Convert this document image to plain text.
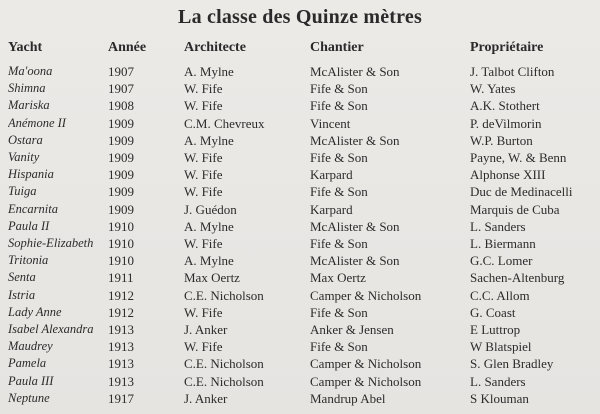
La classe des Quinze mètres
Yacht	Année	Architecte	Chantier	Propriétaire
Ma'oona	1907	A. Mylne	McAlister & Son	J. Talbot Clifton
Shimna	1907	W. Fife	Fife & Son	W. Yates
Mariska	1908	W. Fife	Fife & Son	A.K. Stothert
Anémone II	1909	C.M. Chevreux	Vincent	P. deVilmorin
Ostara	1909	A. Mylne	McAlister & Son	W.P. Burton
Vanity	1909	W. Fife	Fife & Son	Payne, W. & Benn
Hispania	1909	W. Fife	Karpard	Alphonse XIII
Tuiga	1909	W. Fife	Fife & Son	Duc de Medinacelli
Encarnita	1909	J. Guédon	Karpard	Marquis de Cuba
Paula II	1910	A. Mylne	McAlister & Son	L. Sanders
Sophie-Elizabeth	1910	W. Fife	Fife & Son	L. Biermann
Tritonia	1910	A. Mylne	McAlister & Son	G.C. Lomer
Senta	1911	Max Oertz	Max Oertz	Sachen-Altenburg
Istria	1912	C.E. Nicholson	Camper & Nicholson	C.C. Allom
Lady Anne	1912	W. Fife	Fife & Son	G. Coast
Isabel Alexandra	1913	J. Anker	Anker & Jensen	E Luttrop
Maudrey	1913	W. Fife	Fife & Son	W Blatspiel
Pamela	1913	C.E. Nicholson	Camper & Nicholson	S. Glen Bradley
Paula III	1913	C.E. Nicholson	Camper & Nicholson	L. Sanders
Neptune	1917	J. Anker	Mandrup Abel	S Klouman
